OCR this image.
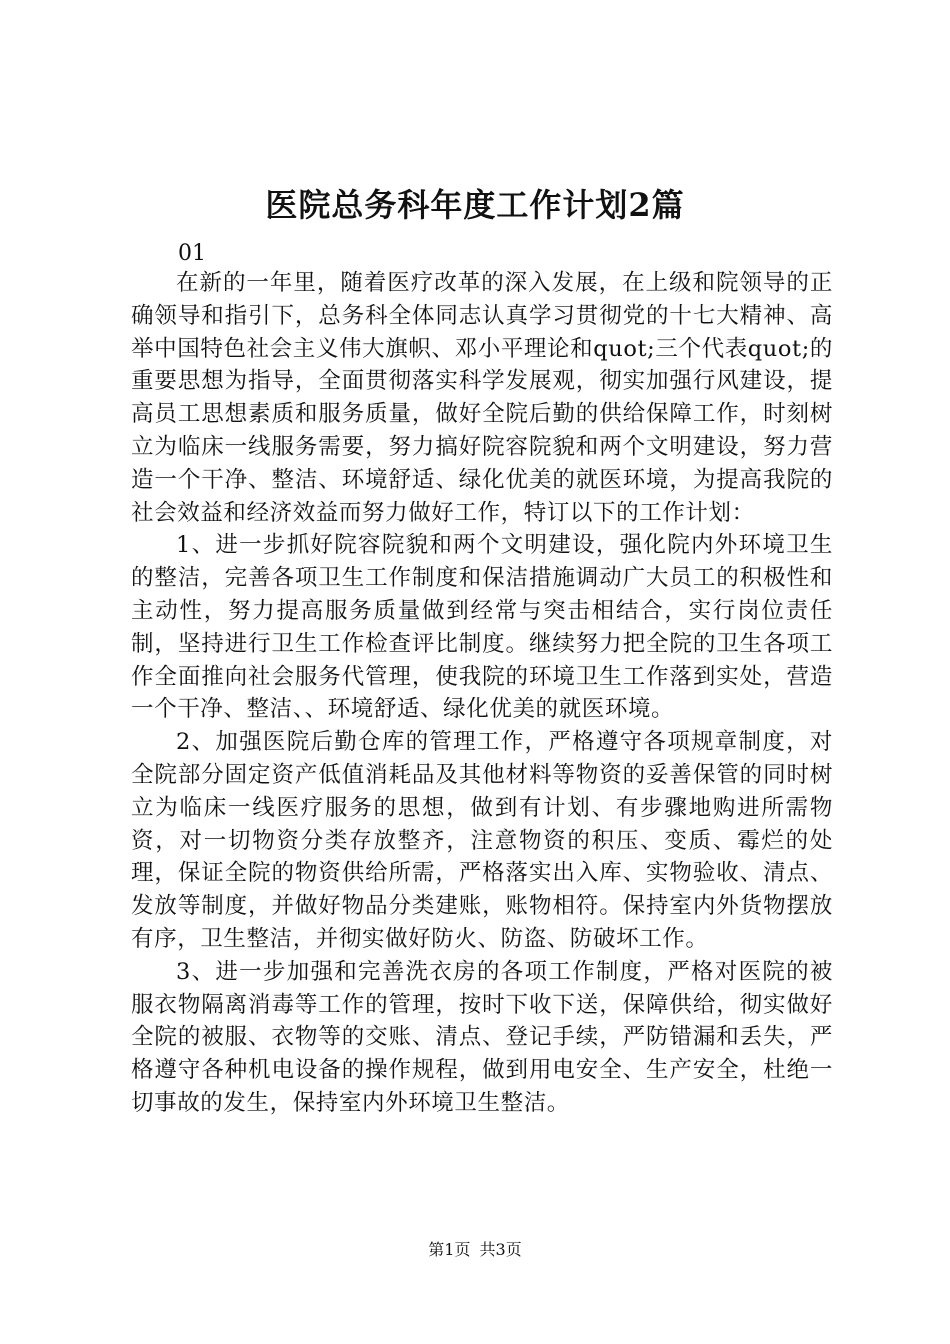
医院总务科年度工作计划2篇
01

在新的一年里，随着医疗改革的深入发展，在上级和院领导的正确领导和指引下，总务科全体同志认真学习贯彻党的十七大精神、高举中国特色社会主义伟大旗帜、邓小平理论和quot;三个代表quot;的重要思想为指导，全面贯彻落实科学发展观，彻实加强行风建设，提高员工思想素质和服务质量，做好全院后勤的供给保障工作，时刻树立为临床一线服务需要，努力搞好院容院貌和两个文明建设，努力营造一个干净、整洁、环境舒适、绿化优美的就医环境，为提高我院的社会效益和经济效益而努力做好工作，特订以下的工作计划：

1、进一步抓好院容院貌和两个文明建设，强化院内外环境卫生的整洁，完善各项卫生工作制度和保洁措施调动广大员工的积极性和主动性，努力提高服务质量做到经常与突击相结合，实行岗位责任制，坚持进行卫生工作检查评比制度。继续努力把全院的卫生各项工作全面推向社会服务代管理，使我院的环境卫生工作落到实处，营造一个干净、整洁、、环境舒适、绿化优美的就医环境。

2、加强医院后勤仓库的管理工作，严格遵守各项规章制度，对全院部分固定资产低值消耗品及其他材料等物资的妥善保管的同时树立为临床一线医疗服务的思想，做到有计划、有步骤地购进所需物资，对一切物资分类存放整齐，注意物资的积压、变质、霉烂的处理，保证全院的物资供给所需，严格落实出入库、实物验收、清点、发放等制度，并做好物品分类建账，账物相符。保持室内外货物摆放有序，卫生整洁，并彻实做好防火、防盗、防破坏工作。

3、进一步加强和完善洗衣房的各项工作制度，严格对医院的被服衣物隔离消毒等工作的管理，按时下收下送，保障供给，彻实做好全院的被服、衣物等的交账、清点、登记手续，严防错漏和丢失，严格遵守各种机电设备的操作规程，做到用电安全、生产安全，杜绝一切事故的发生，保持室内外环境卫生整洁。

第1页 共3页
